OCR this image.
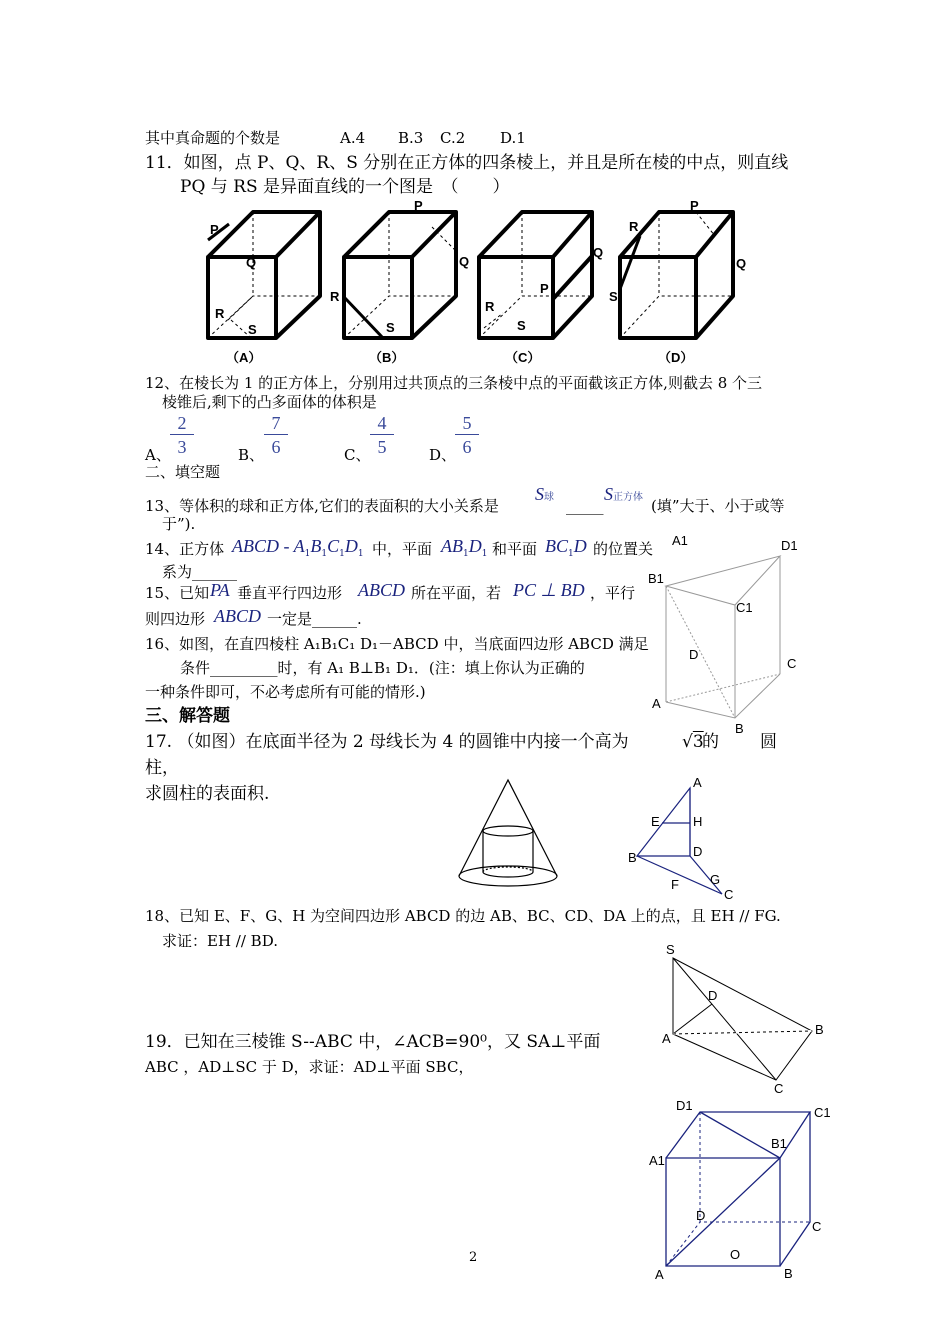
其中真命题的个数是	A.4 B.3 C.2 D.1
11．如图，点 P、Q、R、S 分别在正方体的四条棱上，并且是所在棱的中点，则直线
PQ 与 RS 是异面直线的一个图是　（　　）
P
Q
R
S
P
Q
R
S
P
Q
R
S
P
Q
R
S
（A）	（B）	（C）	（D）
12、在棱长为 1 的正方体上，分别用过共顶点的三条棱中点的平面截该正方体,则截去 8 个三
棱锥后,剩下的凸多面体的体积是
A、 $\frac{2}{3}$	B、 $\frac{7}{6}$	C、 $\frac{4}{5}$ D、
$\frac{5}{6}$
二、填空题
13、等体积的球和正方体,它们的表面积的大小关系是
S球 _____
S正方体 (填”大于、小于或等
于”).
14、正方体 ABCD - $A_1B_1C_1D_1$ 中，平面 $AB_1D_1$ 和平面 $BC_1D$ 的位置关
系为______
15、已知 PA 垂直平行四边形 ABCD 所在平面，若 PC ⊥ BD ，平行
则四边形 ABCD 一定是______.
16、如图，在直四棱柱 A₁B₁C₁ D₁－ABCD 中，当底面四边形 ABCD 满足
条件_________时，有 A₁ B⊥B₁ D₁．(注：填上你认为正确的
一种条件即可，不必考虑所有可能的情形.)
A1	D1
B1
C1
D
C
A
B
三、解答题
17. （如图）在底面半径为 2 母线长为 4 的圆锥中内接一个高为	√3
的 圆
柱，
求圆柱的表面积.
A
E	H
B	D
F G
C
18、已知 E、F、G、H 为空间四边形 ABCD 的边 AB、BC、CD、DA 上的点，且 EH // FG.
求证：EH // BD.	S
D
A
B
C
19．已知在三棱锥 S--ABC 中，∠ACB=90⁰，又 SA⊥平面
ABC ，AD⊥SC 于 D，求证：AD⊥平面 SBC，
D1	C1
A1
B1
D
C
A	B
O
2
